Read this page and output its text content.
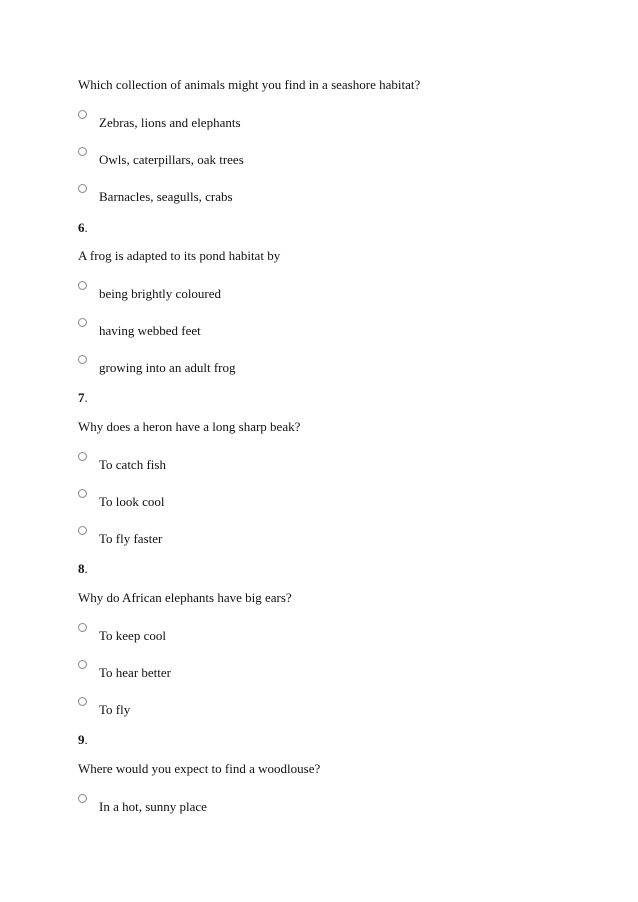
Which collection of animals might you find in a seashore habitat?
Zebras, lions and elephants
Owls, caterpillars, oak trees
Barnacles, seagulls, crabs
6.
A frog is adapted to its pond habitat by
being brightly coloured
having webbed feet
growing into an adult frog
7.
Why does a heron have a long sharp beak?
To catch fish
To look cool
To fly faster
8.
Why do African elephants have big ears?
To keep cool
To hear better
To fly
9.
Where would you expect to find a woodlouse?
In a hot, sunny place
